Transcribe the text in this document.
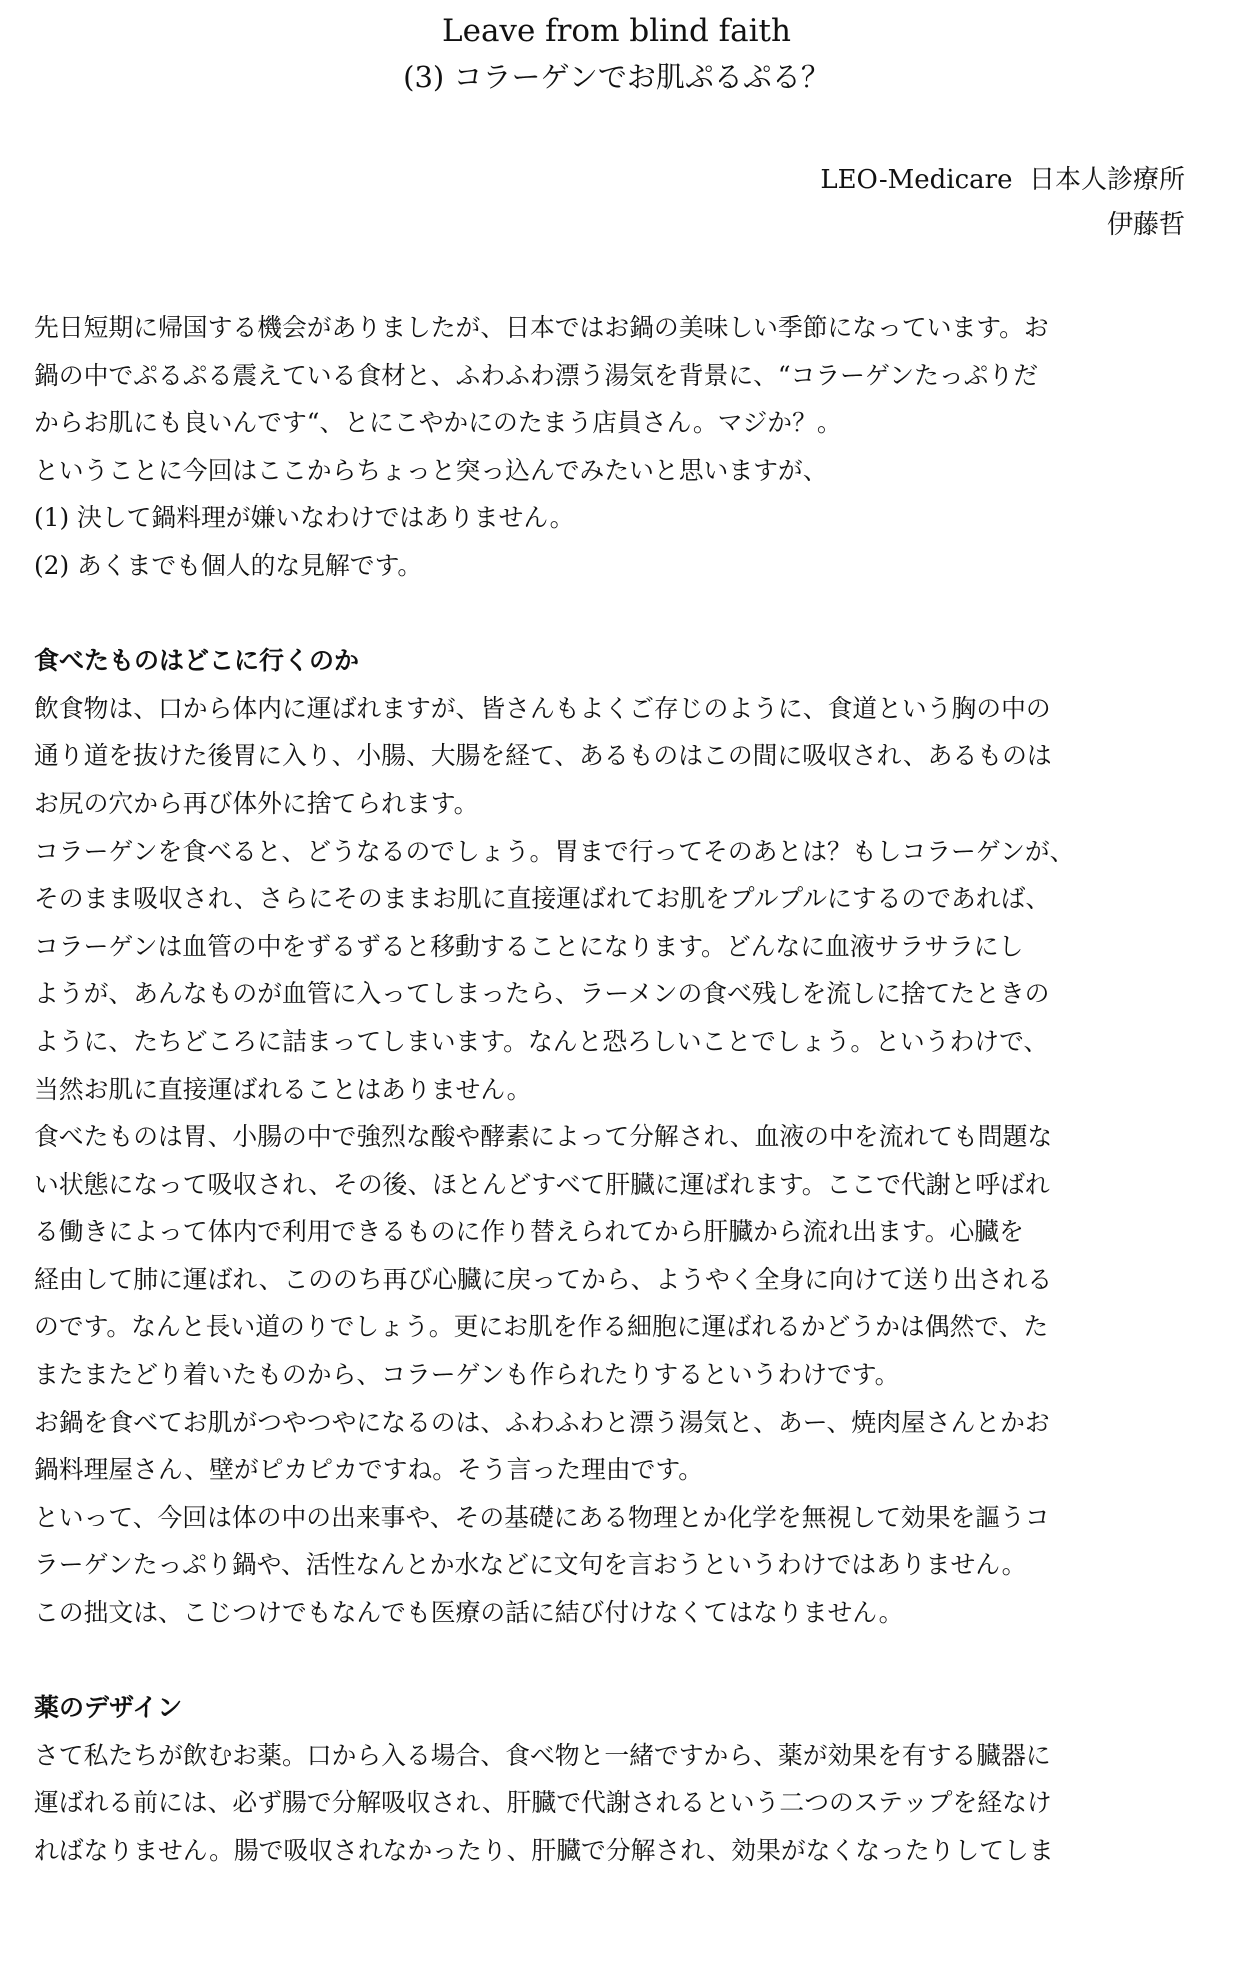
Leave from blind faith
(3) コラーゲンでお肌ぷるぷる？
LEO-Medicare  日本人診療所
伊藤哲
先日短期に帰国する機会がありましたが、日本ではお鍋の美味しい季節になっています。お
鍋の中でぷるぷる震えている食材と、ふわふわ漂う湯気を背景に、“コラーゲンたっぷりだ
からお肌にも良いんです“、とにこやかにのたまう店員さん。マジか？。
ということに今回はここからちょっと突っ込んでみたいと思いますが、
(1) 決して鍋料理が嫌いなわけではありません。
(2) あくまでも個人的な見解です。
食べたものはどこに行くのか
飲食物は、口から体内に運ばれますが、皆さんもよくご存じのように、食道という胸の中の
通り道を抜けた後胃に入り、小腸、大腸を経て、あるものはこの間に吸収され、あるものは
お尻の穴から再び体外に捨てられます。
コラーゲンを食べると、どうなるのでしょう。胃まで行ってそのあとは？もしコラーゲンが、
そのまま吸収され、さらにそのままお肌に直接運ばれてお肌をプルプルにするのであれば、
コラーゲンは血管の中をずるずると移動することになります。どんなに血液サラサラにし
ようが、あんなものが血管に入ってしまったら、ラーメンの食べ残しを流しに捨てたときの
ように、たちどころに詰まってしまいます。なんと恐ろしいことでしょう。というわけで、
当然お肌に直接運ばれることはありません。
食べたものは胃、小腸の中で強烈な酸や酵素によって分解され、血液の中を流れても問題な
い状態になって吸収され、その後、ほとんどすべて肝臓に運ばれます。ここで代謝と呼ばれ
る働きによって体内で利用できるものに作り替えられてから肝臓から流れ出ます。心臓を
経由して肺に運ばれ、こののち再び心臓に戻ってから、ようやく全身に向けて送り出される
のです。なんと長い道のりでしょう。更にお肌を作る細胞に運ばれるかどうかは偶然で、た
またまたどり着いたものから、コラーゲンも作られたりするというわけです。
お鍋を食べてお肌がつやつやになるのは、ふわふわと漂う湯気と、あー、焼肉屋さんとかお
鍋料理屋さん、壁がピカピカですね。そう言った理由です。
といって、今回は体の中の出来事や、その基礎にある物理とか化学を無視して効果を謳うコ
ラーゲンたっぷり鍋や、活性なんとか水などに文句を言おうというわけではありません。
この拙文は、こじつけでもなんでも医療の話に結び付けなくてはなりません。
薬のデザイン
さて私たちが飲むお薬。口から入る場合、食べ物と一緒ですから、薬が効果を有する臓器に
運ばれる前には、必ず腸で分解吸収され、肝臓で代謝されるという二つのステップを経なけ
ればなりません。腸で吸収されなかったり、肝臓で分解され、効果がなくなったりしてしま
